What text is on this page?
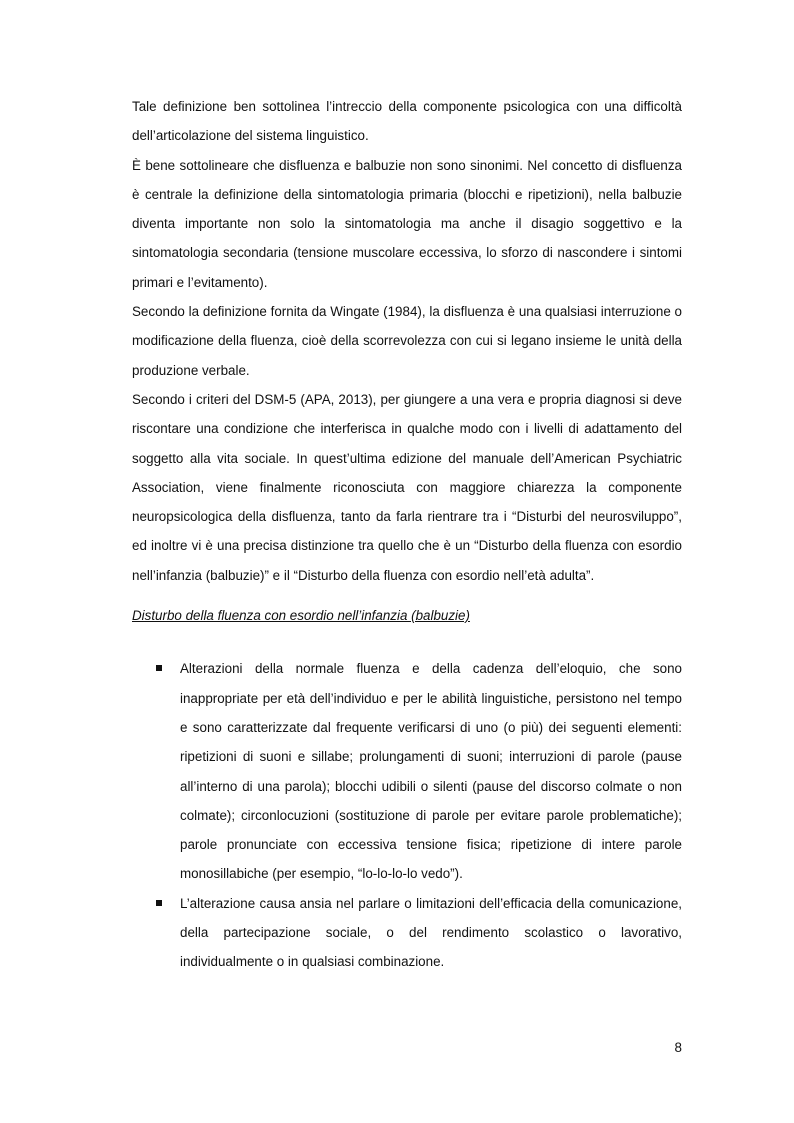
Tale definizione ben sottolinea l’intreccio della componente psicologica con una difficoltà dell’articolazione del sistema linguistico.

È bene sottolineare che disfluenza e balbuzie non sono sinonimi. Nel concetto di disfluenza è centrale la definizione della sintomatologia primaria (blocchi e ripetizioni), nella balbuzie diventa importante non solo la sintomatologia ma anche il disagio soggettivo e la sintomatologia secondaria (tensione muscolare eccessiva, lo sforzo di nascondere i sintomi primari e l’evitamento).

Secondo la definizione fornita da Wingate (1984), la disfluenza è una qualsiasi interruzione o modificazione della fluenza, cioè della scorrevolezza con cui si legano insieme le unità della produzione verbale.

Secondo i criteri del DSM-5 (APA, 2013), per giungere a una vera e propria diagnosi si deve riscontare una condizione che interferisca in qualche modo con i livelli di adattamento del soggetto alla vita sociale. In quest’ultima edizione del manuale dell’American Psychiatric Association, viene finalmente riconosciuta con maggiore chiarezza la componente neuropsicologica della disfluenza, tanto da farla rientrare tra i “Disturbi del neurosviluppo”, ed inoltre vi è una precisa distinzione tra quello che è un “Disturbo della fluenza con esordio nell’infanzia (balbuzie)” e il “Disturbo della fluenza con esordio nell’età adulta”.

Disturbo della fluenza con esordio nell’infanzia (balbuzie)

Alterazioni della normale fluenza e della cadenza dell’eloquio, che sono inappropriate per età dell’individuo e per le abilità linguistiche, persistono nel tempo e sono caratterizzate dal frequente verificarsi di uno (o più) dei seguenti elementi: ripetizioni di suoni e sillabe; prolungamenti di suoni; interruzioni di parole (pause all’interno di una parola); blocchi udibili o silenti (pause del discorso colmate o non colmate); circonlocuzioni (sostituzione di parole per evitare parole problematiche); parole pronunciate con eccessiva tensione fisica; ripetizione di intere parole monosillabiche (per esempio, “lo-lo-lo-lo vedo”).
L’alterazione causa ansia nel parlare o limitazioni dell’efficacia della comunicazione, della partecipazione sociale, o del rendimento scolastico o lavorativo, individualmente o in qualsiasi combinazione.
8
